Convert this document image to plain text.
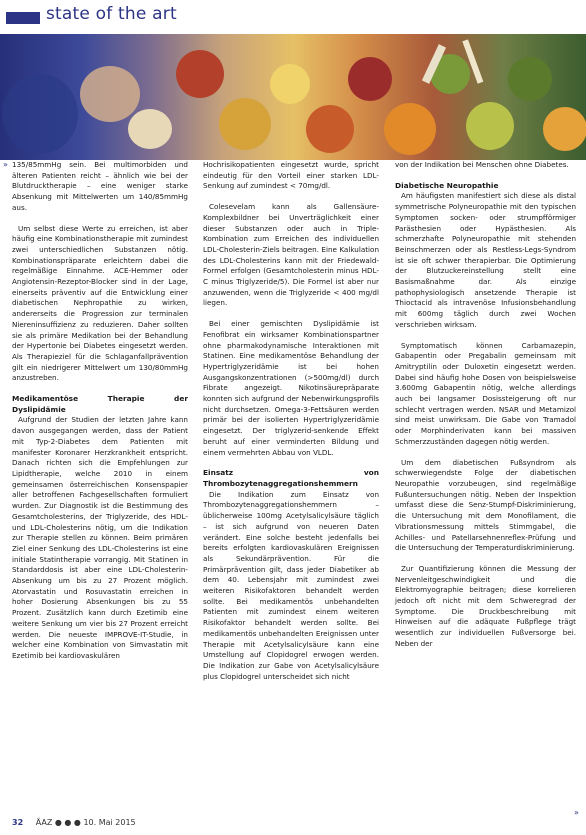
state of the art

135/85mmHg sein. Bei multimorbiden und älteren Patienten reicht – ähnlich wie bei der Blutdrucktherapie – eine weniger starke Absenkung mit Mittelwerten um 140/85mmHg aus.

Um selbst diese Werte zu erreichen, ist aber häufig eine Kombinationstherapie mit zumindest zwei unterschiedlichen Substanzen nötig. Kombinationspräparate erleichtern dabei die regelmäßige Einnahme. ACE-Hemmer oder Angiotensin-Rezeptor-Blocker sind in der Lage, einerseits präventiv auf die Entwicklung einer diabetischen Nephropathie zu wirken, andererseits die Progression zur terminalen Niereninsuffizienz zu reduzieren. Daher sollten sie als primäre Medikation bei der Behandlung der Hypertonie bei Diabetes eingesetzt werden. Als Therapieziel für die Schlaganfallprävention gilt ein niedrigerer Mittelwert um 130/80mmHg anzustreben.

Medikamentöse Therapie der Dyslipidämie

Aufgrund der Studien der letzten Jahre kann davon ausgegangen werden, dass der Patient mit Typ-2-Diabetes dem Patienten mit manifester Koronarer Herzkrankheit entspricht. Danach richten sich die Empfehlungen zur Lipidtherapie, welche 2010 in einem gemeinsamen österreichischen Konsenspapier aller betroffenen Fachgesellschaften formuliert wurden. Zur Diagnostik ist die Bestimmung des Gesamtcholesterins, der Triglyzeride, des HDL- und LDL-Cholesterins nötig, um die Indikation zur Therapie stellen zu können. Beim primären Ziel einer Senkung des LDL-Cholesterins ist eine initiale Statintherapie vorrangig. Mit Statinen in Standarddosis ist aber eine LDL-Cholesterin-Absenkung um bis zu 27 Prozent möglich. Atorvastatin und Rosuvastatin erreichen in hoher Dosierung Absenkungen bis zu 55 Prozent. Zusätzlich kann durch Ezetimib eine weitere Senkung um vier bis 27 Prozent erreicht werden. Die neueste IMPROVE-IT-Studie, in welcher eine Kombination von Simvastatin mit Ezetimib bei kardiovaskulären

Hochrisikopatienten eingesetzt wurde, spricht eindeutig für den Vorteil einer starken LDL-Senkung auf zumindest < 70mg/dl.

Colesevelam kann als Gallensäure-Komplexbildner bei Unverträglichkeit einer dieser Substanzen oder auch in Triple-Kombination zum Erreichen des individuellen LDL-Cholesterin-Ziels beitragen. Eine Kalkulation des LDL-Cholesterins kann mit der Friedewald-Formel erfolgen (Gesamtcholesterin minus HDL-C minus Triglyzeride/5). Die Formel ist aber nur anzuwenden, wenn die Triglyzeride < 400 mg/dl liegen.

Bei einer gemischten Dyslipidämie ist Fenofibrat ein wirksamer Kombinationspartner ohne pharmakodynamische Interaktionen mit Statinen. Eine medikamentöse Behandlung der Hypertriglyzeridämie ist bei hohen Ausgangskonzentrationen (>500mg/dl) durch Fibrate angezeigt. Nikotinsäurepräparate konnten sich aufgrund der Nebenwirkungsprofils nicht durchsetzen. Omega-3-Fettsäuren werden primär bei der isolierten Hypertriglyzeridämie eingesetzt. Der triglyzerid-senkende Effekt beruht auf einer verminderten Bildung und einem vermehrten Abbau von VLDL.

Einsatz von Thrombozytenaggregationshemmern

Die Indikation zum Einsatz von Thrombozytenaggregationshemmern – üblicherweise 100mg Acetylsalicylsäure täglich – ist sich aufgrund von neueren Daten verändert. Eine solche besteht jedenfalls bei bereits erfolgten kardiovaskulären Ereignissen als Sekundärprävention. Für die Primärprävention gilt, dass jeder Diabetiker ab dem 40. Lebensjahr mit zumindest zwei weiteren Risikofaktoren behandelt werden sollte. Bei medikamentös unbehandelten Patienten mit zumindest einem weiteren Risikofaktor behandelt werden sollte. Bei medikamentös unbehandelten Ereignissen unter Therapie mit Acetylsalicylsäure kann eine Umstellung auf Clopidogrel erwogen werden. Die Indikation zur Gabe von Acetylsalicylsäure plus Clopidogrel unterscheidet sich nicht

von der Indikation bei Menschen ohne Diabetes.

Diabetische Neuropathie

Am häufigsten manifestiert sich diese als distal symmetrische Polyneuropathie mit den typischen Symptomen socken- oder strumpfförmiger Parästhesien oder Hypästhesien. Als schmerzhafte Polyneuropathie mit stehenden Beinschmerzen oder als Restless-Legs-Syndrom ist sie oft schwer therapierbar. Die Optimierung der Blutzuckereinstellung stellt eine Basismaßnahme dar. Als einzige pathophysiologisch ansetzende Therapie ist Thioctacid als intravenöse Infusionsbehandlung mit 600mg täglich durch zwei Wochen verschrieben wirksam.

Symptomatisch können Carbamazepin, Gabapentin oder Pregabalin gemeinsam mit Amitryptilin oder Duloxetin eingesetzt werden. Dabei sind häufig hohe Dosen von beispielsweise 3.600mg Gabapentin nötig, welche allerdings auch bei langsamer Dosissteigerung oft nur schlecht vertragen werden. NSAR und Metamizol sind meist unwirksam. Die Gabe von Tramadol oder Morphinderivaten kann bei massiven Schmerzzuständen dagegen nötig werden.

Um dem diabetischen Fußsyndrom als schwerwiegendste Folge der diabetischen Neuropathie vorzubeugen, sind regelmäßige Fußuntersuchungen nötig. Neben der Inspektion umfasst diese die Senz-Stumpf-Diskriminierung, die Untersuchung mit dem Monofilament, die Vibrationsmessung mittels Stimmgabel, die Achilles- und Patellarsehnenreflex-Prüfung und die Untersuchung der Temperaturdiskriminierung.

Zur Quantifizierung können die Messung der Nervenleitgeschwindigkeit und die Elektromyographie beitragen; diese korrelieren jedoch oft nicht mit dem Schweregrad der Symptome. Die Druckbeschreibung mit Hinweisen auf die adäquate Fußpflege trägt wesentlich zur individuellen Fußversorge bei. Neben der

»
»
32 ÄAZ ● ● ● 10. Mai 2015
